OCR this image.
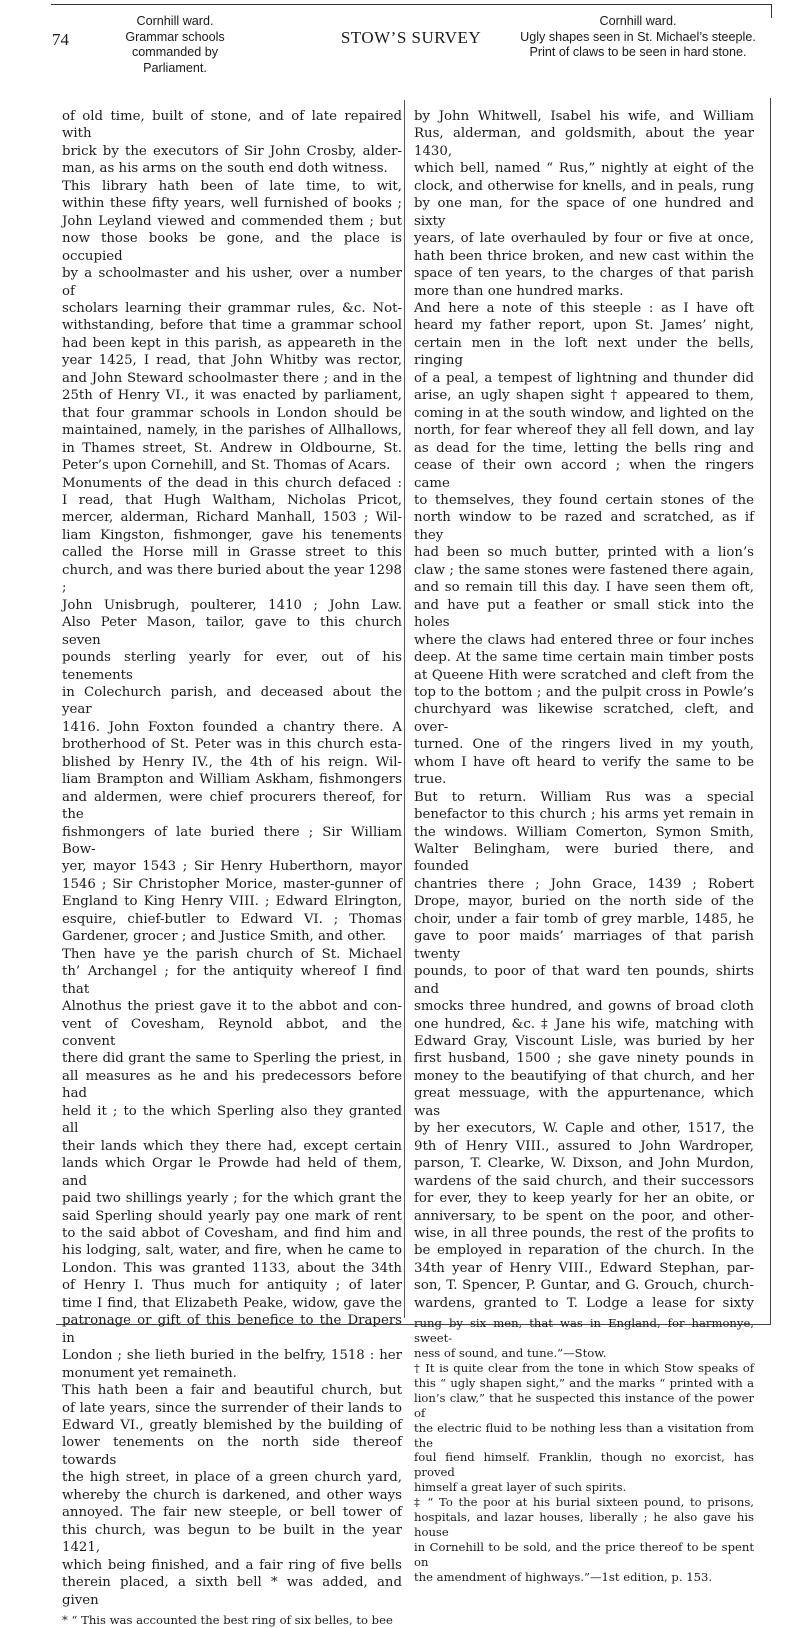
74
Cornhill ward.
Grammar schools commanded by
Parliament.
STOW’S SURVEY
Cornhill ward.
Ugly shapes seen in St. Michael’s steeple.
Print of claws to be seen in hard stone.
of old time, built of stone, and of late repaired with
brick by the executors of Sir John Crosby, alder-
man, as his arms on the south end doth witness.
This library hath been of late time, to wit,
within these fifty years, well furnished of books ;
John Leyland viewed and commended them ; but
now those books be gone, and the place is occupied
by a schoolmaster and his usher, over a number of
scholars learning their grammar rules, &c. Not-
withstanding, before that time a grammar school
had been kept in this parish, as appeareth in the
year 1425, I read, that John Whitby was rector,
and John Steward schoolmaster there ; and in the
25th of Henry VI., it was enacted by parliament,
that four grammar schools in London should be
maintained, namely, in the parishes of Allhallows,
in Thames street, St. Andrew in Oldbourne, St.
Peter’s upon Cornehill, and St. Thomas of Acars.
Monuments of the dead in this church defaced :
I read, that Hugh Waltham, Nicholas Pricot,
mercer, alderman, Richard Manhall, 1503 ; Wil-
liam Kingston, fishmonger, gave his tenements
called the Horse mill in Grasse street to this
church, and was there buried about the year 1298 ;
John Unisbrugh, poulterer, 1410 ; John Law.
Also Peter Mason, tailor, gave to this church seven
pounds sterling yearly for ever, out of his tenements
in Colechurch parish, and deceased about the year
1416. John Foxton founded a chantry there. A
brotherhood of St. Peter was in this church esta-
blished by Henry IV., the 4th of his reign. Wil-
liam Brampton and William Askham, fishmongers
and aldermen, were chief procurers thereof, for the
fishmongers of late buried there ; Sir William Bow-
yer, mayor 1543 ; Sir Henry Huberthorn, mayor
1546 ; Sir Christopher Morice, master-gunner of
England to King Henry VIII. ; Edward Elrington,
esquire, chief-butler to Edward VI. ; Thomas
Gardener, grocer ; and Justice Smith, and other.
Then have ye the parish church of St. Michael
th’ Archangel ; for the antiquity whereof I find that
Alnothus the priest gave it to the abbot and con-
vent of Covesham, Reynold abbot, and the convent
there did grant the same to Sperling the priest, in
all measures as he and his predecessors before had
held it ; to the which Sperling also they granted all
their lands which they there had, except certain
lands which Orgar le Prowde had held of them, and
paid two shillings yearly ; for the which grant the
said Sperling should yearly pay one mark of rent
to the said abbot of Covesham, and find him and
his lodging, salt, water, and fire, when he came to
London. This was granted 1133, about the 34th
of Henry I. Thus much for antiquity ; of later
time I find, that Elizabeth Peake, widow, gave the
patronage or gift of this benefice to the Drapers in
London ; she lieth buried in the belfry, 1518 : her
monument yet remaineth.
This hath been a fair and beautiful church, but
of late years, since the surrender of their lands to
Edward VI., greatly blemished by the building of
lower tenements on the north side thereof towards
the high street, in place of a green church yard,
whereby the church is darkened, and other ways
annoyed. The fair new steeple, or bell tower of
this church, was begun to be built in the year 1421,
which being finished, and a fair ring of five bells
therein placed, a sixth bell * was added, and given
* “ This was accounted the best ring of six belles, to bee
by John Whitwell, Isabel his wife, and William
Rus, alderman, and goldsmith, about the year 1430,
which bell, named “ Rus,” nightly at eight of the
clock, and otherwise for knells, and in peals, rung
by one man, for the space of one hundred and sixty
years, of late overhauled by four or five at once,
hath been thrice broken, and new cast within the
space of ten years, to the charges of that parish
more than one hundred marks.
And here a note of this steeple : as I have oft
heard my father report, upon St. James’ night,
certain men in the loft next under the bells, ringing
of a peal, a tempest of lightning and thunder did
arise, an ugly shapen sight † appeared to them,
coming in at the south window, and lighted on the
north, for fear whereof they all fell down, and lay
as dead for the time, letting the bells ring and
cease of their own accord ; when the ringers came
to themselves, they found certain stones of the
north window to be razed and scratched, as if they
had been so much butter, printed with a lion’s
claw ; the same stones were fastened there again,
and so remain till this day. I have seen them oft,
and have put a feather or small stick into the holes
where the claws had entered three or four inches
deep. At the same time certain main timber posts
at Queene Hith were scratched and cleft from the
top to the bottom ; and the pulpit cross in Powle’s
churchyard was likewise scratched, cleft, and over-
turned. One of the ringers lived in my youth,
whom I have oft heard to verify the same to be
true.
But to return. William Rus was a special
benefactor to this church ; his arms yet remain in
the windows. William Comerton, Symon Smith,
Walter Belingham, were buried there, and founded
chantries there ; John Grace, 1439 ; Robert
Drope, mayor, buried on the north side of the
choir, under a fair tomb of grey marble, 1485, he
gave to poor maids’ marriages of that parish twenty
pounds, to poor of that ward ten pounds, shirts and
smocks three hundred, and gowns of broad cloth
one hundred, &c. ‡ Jane his wife, matching with
Edward Gray, Viscount Lisle, was buried by her
first husband, 1500 ; she gave ninety pounds in
money to the beautifying of that church, and her
great messuage, with the appurtenance, which was
by her executors, W. Caple and other, 1517, the
9th of Henry VIII., assured to John Wardroper,
parson, T. Clearke, W. Dixson, and John Murdon,
wardens of the said church, and their successors
for ever, they to keep yearly for her an obite, or
anniversary, to be spent on the poor, and other-
wise, in all three pounds, the rest of the profits to
be employed in reparation of the church. In the
34th year of Henry VIII., Edward Stephan, par-
son, T. Spencer, P. Guntar, and G. Grouch, church-
wardens, granted to T. Lodge a lease for sixty
rung by six men, that was in England, for harmonye, sweet-
ness of sound, and tune.”—Stow.
† It is quite clear from the tone in which Stow speaks of
this “ ugly shapen sight,” and the marks “ printed with a
lion’s claw,” that he suspected this instance of the power of
the electric fluid to be nothing less than a visitation from the
foul fiend himself. Franklin, though no exorcist, has proved
himself a great layer of such spirits.
‡ “ To the poor at his burial sixteen pound, to prisons,
hospitals, and lazar houses, liberally ; he also gave his house
in Cornehill to be sold, and the price thereof to be spent on
the amendment of highways.”—1st edition, p. 153.
